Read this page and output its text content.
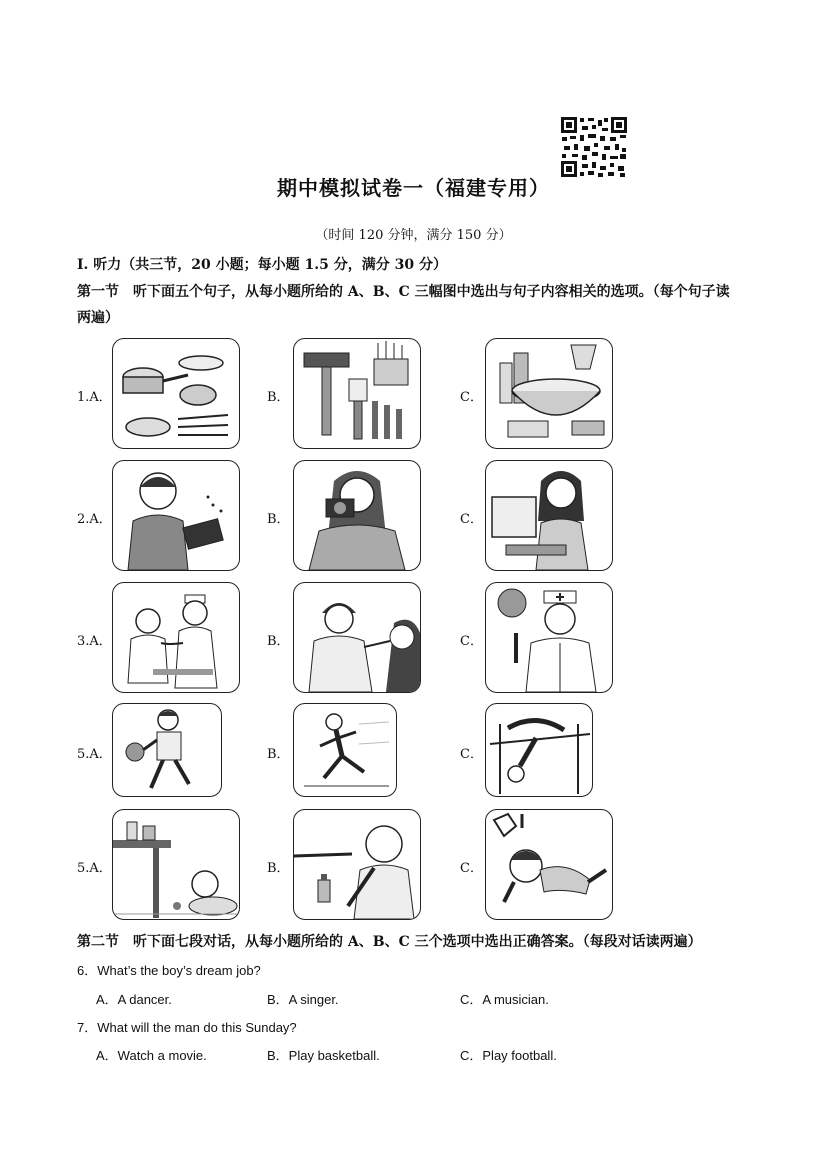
期中模拟试卷一（福建专用）
（时间 120 分钟，满分 150 分）
I. 听力（共三节，20 小题；每小题 1.5 分，满分 30 分）
第一节　听下面五个句子，从每小题所给的 A、B、C 三幅图中选出与句子内容相关的选项。（每个句子读
两遍）
1.A．	B．	C．
2.A．	B．	C．
3.A．	B．	C．
5.A．	B．	C．
5.A．	B．	C．
第二节　听下面七段对话，从每小题所给的 A、B、C 三个选项中选出正确答案。（每段对话读两遍）
6．What’s the boy’s dream job?
A．A dancer.	B．A singer.	C．A musician.
7．What will the man do this Sunday?
A．Watch a movie.	B．Play basketball.	C．Play football.
